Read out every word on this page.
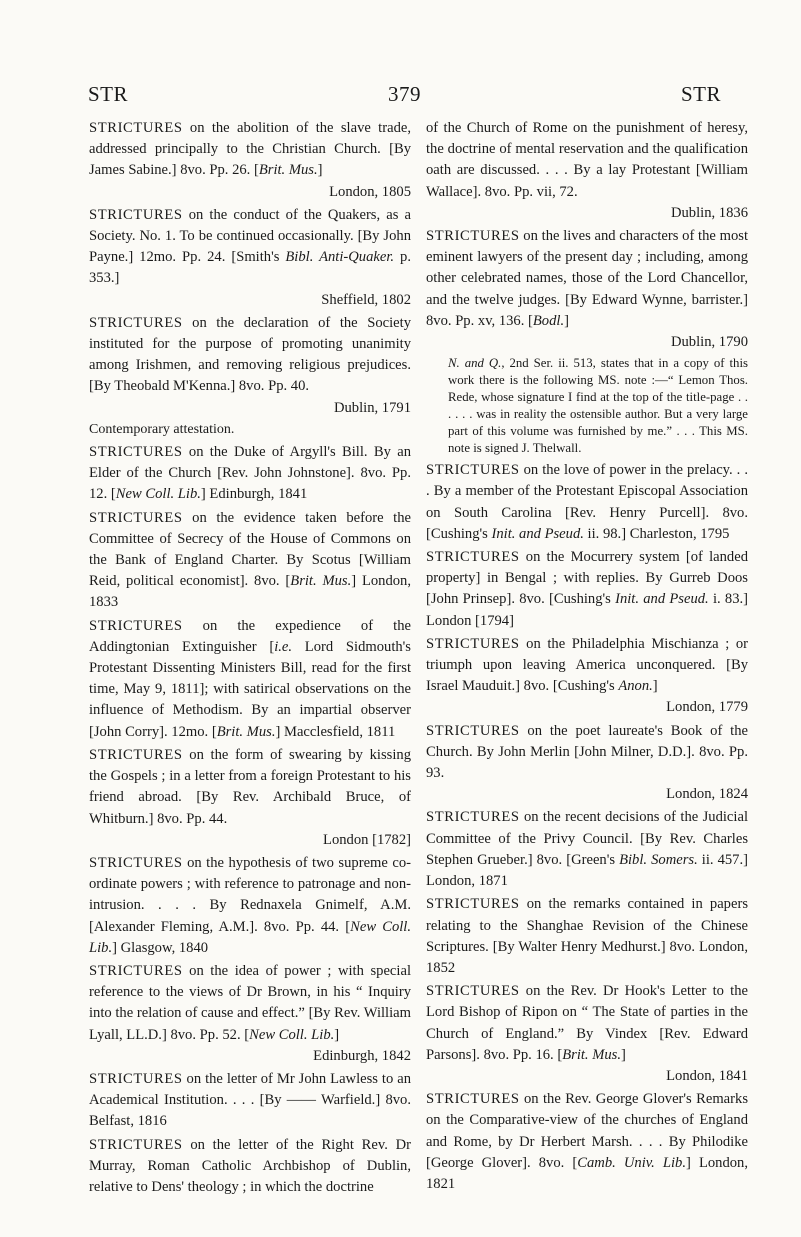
STR	379	STR
STRICTURES on the abolition of the slave trade, addressed principally to the Christian Church. [By James Sabine.] 8vo. Pp. 26. [Brit. Mus.]
London, 1805
STRICTURES on the conduct of the Quakers, as a Society. No. 1. To be continued occasionally. [By John Payne.] 12mo. Pp. 24. [Smith's Bibl. Anti-Quaker. p. 353.]
Sheffield, 1802
STRICTURES on the declaration of the Society instituted for the purpose of promoting unanimity among Irishmen, and removing religious prejudices. [By Theobald M'Kenna.] 8vo. Pp. 40.
Dublin, 1791
Contemporary attestation.
STRICTURES on the Duke of Argyll's Bill. By an Elder of the Church [Rev. John Johnstone]. 8vo. Pp. 12. [New Coll. Lib.] Edinburgh, 1841
STRICTURES on the evidence taken before the Committee of Secrecy of the House of Commons on the Bank of England Charter. By Scotus [William Reid, political economist]. 8vo. [Brit. Mus.] London, 1833
STRICTURES on the expedience of the Addingtonian Extinguisher [i.e. Lord Sidmouth's Protestant Dissenting Ministers Bill, read for the first time, May 9, 1811]; with satirical observations on the influence of Methodism. By an impartial observer [John Corry]. 12mo. [Brit. Mus.] Macclesfield, 1811
STRICTURES on the form of swearing by kissing the Gospels ; in a letter from a foreign Protestant to his friend abroad. [By Rev. Archibald Bruce, of Whitburn.] 8vo. Pp. 44.
London [1782]
STRICTURES on the hypothesis of two supreme co-ordinate powers ; with reference to patronage and non-intrusion. . . . By Rednaxela Gnimelf, A.M. [Alexander Fleming, A.M.]. 8vo. Pp. 44. [New Coll. Lib.] Glasgow, 1840
STRICTURES on the idea of power ; with special reference to the views of Dr Brown, in his “ Inquiry into the relation of cause and effect.” [By Rev. William Lyall, LL.D.] 8vo. Pp. 52. [New Coll. Lib.]
Edinburgh, 1842
STRICTURES on the letter of Mr John Lawless to an Academical Institution. . . . [By —— Warfield.] 8vo. Belfast, 1816
STRICTURES on the letter of the Right Rev. Dr Murray, Roman Catholic Archbishop of Dublin, relative to Dens' theology ; in which the doctrine
of the Church of Rome on the punishment of heresy, the doctrine of mental reservation and the qualification oath are discussed. . . . By a lay Protestant [William Wallace]. 8vo. Pp. vii, 72.
Dublin, 1836
STRICTURES on the lives and characters of the most eminent lawyers of the present day ; including, among other celebrated names, those of the Lord Chancellor, and the twelve judges. [By Edward Wynne, barrister.] 8vo. Pp. xv, 136. [Bodl.]
Dublin, 1790
N. and Q., 2nd Ser. ii. 513, states that in a copy of this work there is the following MS. note :—“ Lemon Thos. Rede, whose signature I find at the top of the title-page . . . . . . was in reality the ostensible author. But a very large part of this volume was furnished by me.” . . . This MS. note is signed J. Thelwall.
STRICTURES on the love of power in the prelacy. . . . By a member of the Protestant Episcopal Association on South Carolina [Rev. Henry Purcell]. 8vo. [Cushing's Init. and Pseud. ii. 98.] Charleston, 1795
STRICTURES on the Mocurrery system [of landed property] in Bengal ; with replies. By Gurreb Doos [John Prinsep]. 8vo. [Cushing's Init. and Pseud. i. 83.] London [1794]
STRICTURES on the Philadelphia Mischianza ; or triumph upon leaving America unconquered. [By Israel Mauduit.] 8vo. [Cushing's Anon.]
London, 1779
STRICTURES on the poet laureate's Book of the Church. By John Merlin [John Milner, D.D.]. 8vo. Pp. 93.
London, 1824
STRICTURES on the recent decisions of the Judicial Committee of the Privy Council. [By Rev. Charles Stephen Grueber.] 8vo. [Green's Bibl. Somers. ii. 457.] London, 1871
STRICTURES on the remarks contained in papers relating to the Shanghae Revision of the Chinese Scriptures. [By Walter Henry Medhurst.] 8vo. London, 1852
STRICTURES on the Rev. Dr Hook's Letter to the Lord Bishop of Ripon on “ The State of parties in the Church of England.” By Vindex [Rev. Edward Parsons]. 8vo. Pp. 16. [Brit. Mus.]
London, 1841
STRICTURES on the Rev. George Glover's Remarks on the Comparative-view of the churches of England and Rome, by Dr Herbert Marsh. . . . By Philodike [George Glover]. 8vo. [Camb. Univ. Lib.] London, 1821
